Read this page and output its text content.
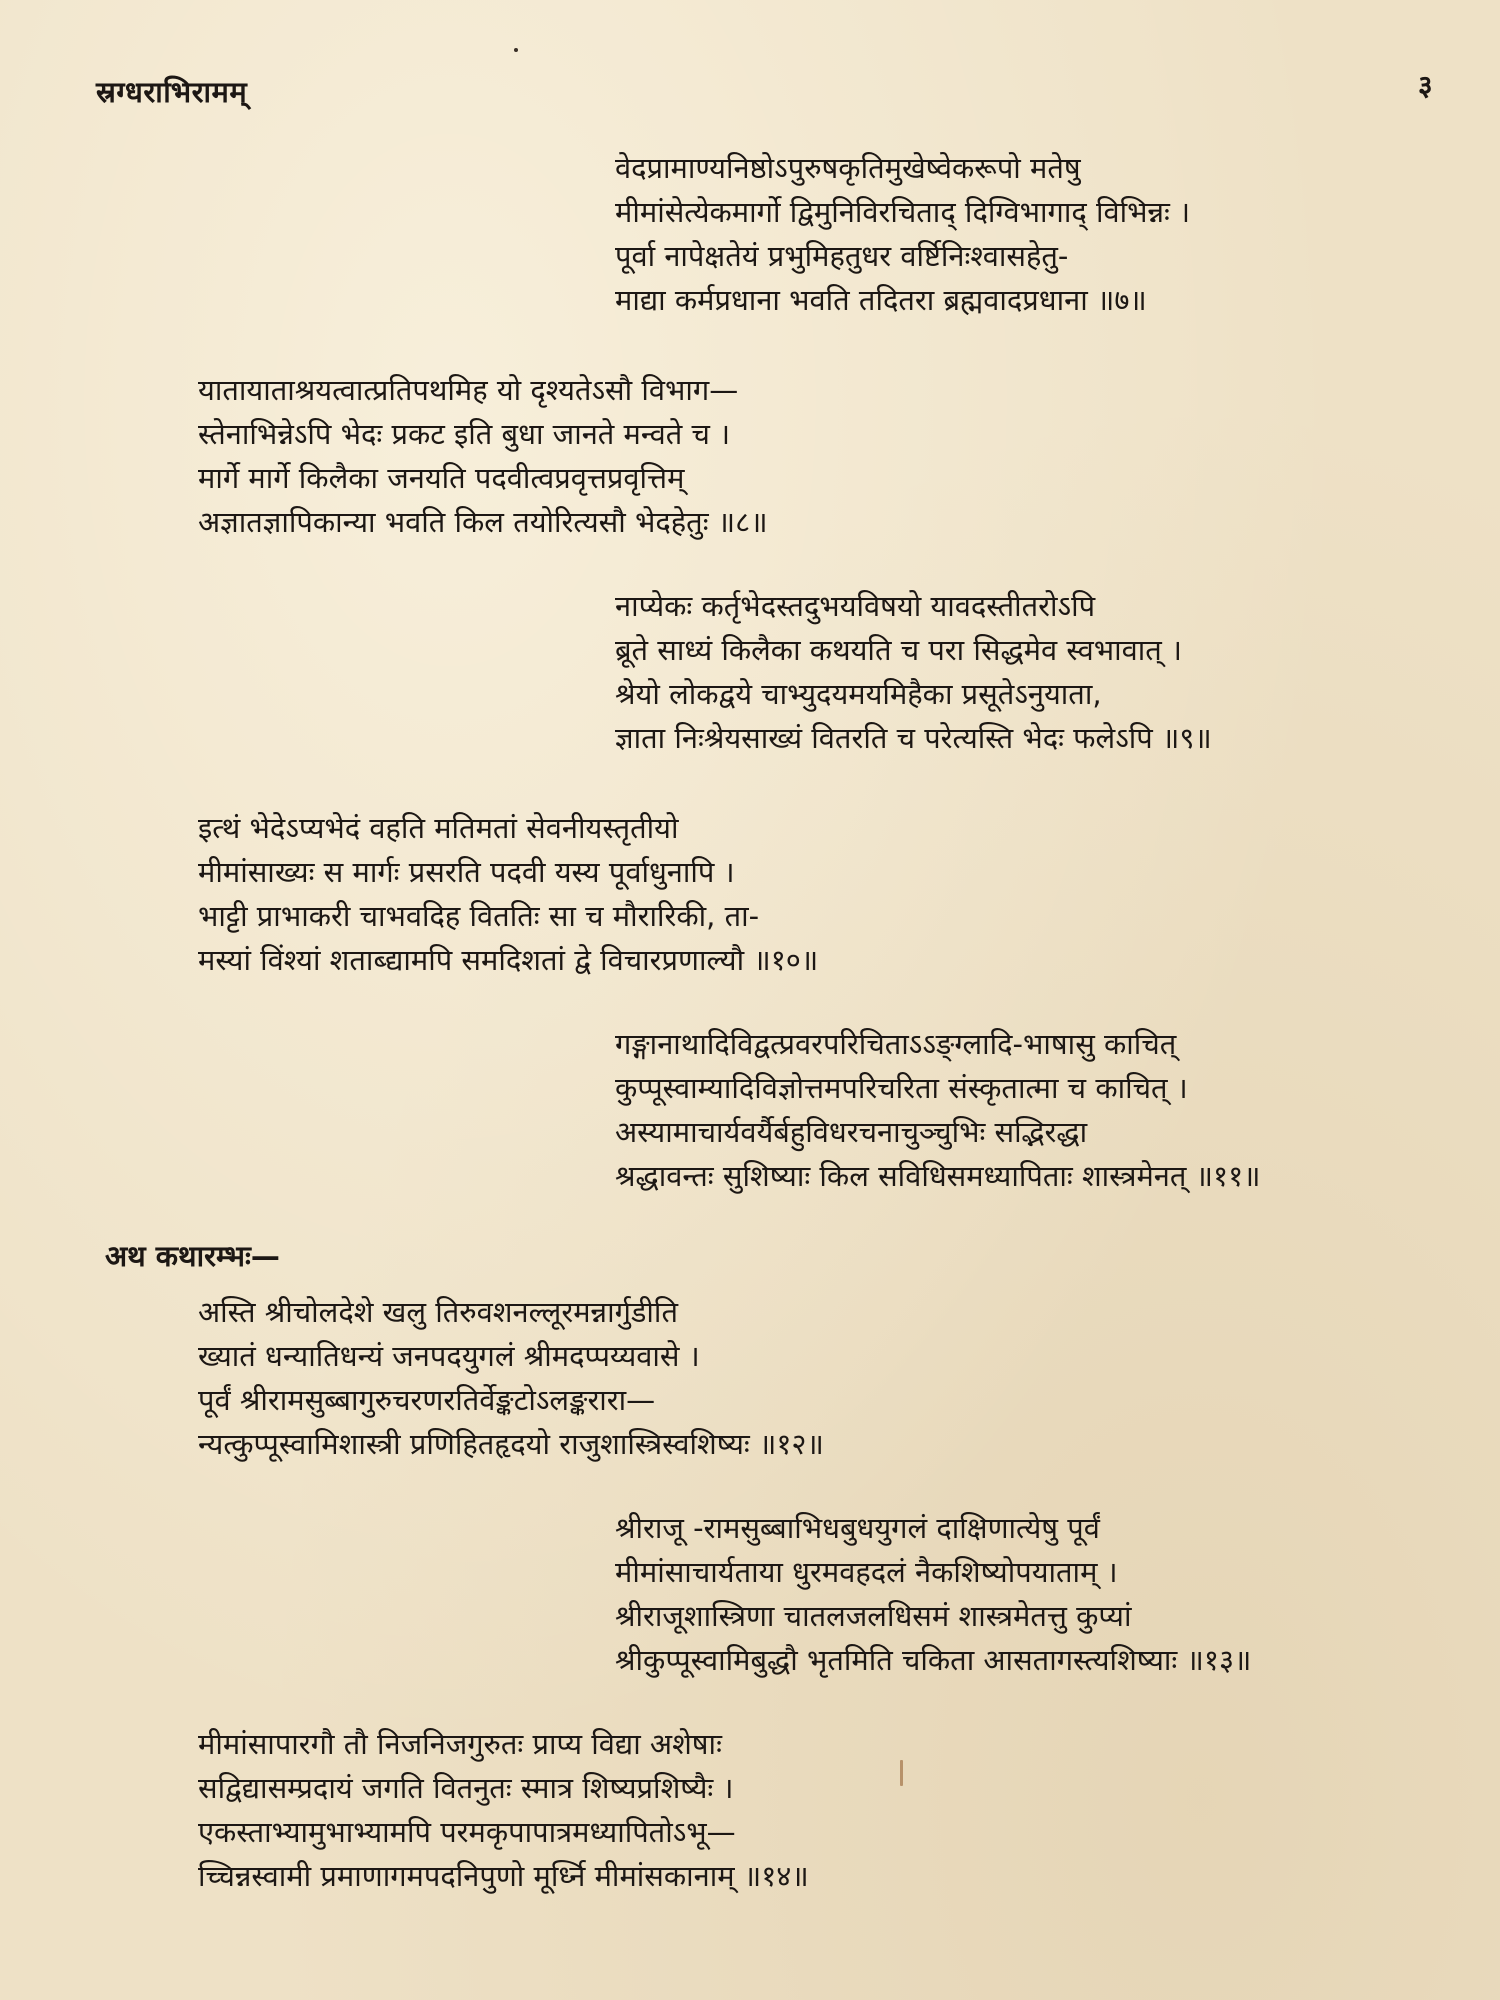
स्रग्धराभिरामम्	३
वेदप्रामाण्यनिष्ठोऽपुरुषकृतिमुखेष्वेकरूपो मतेषु
मीमांसेत्येकमार्गो द्विमुनिविरचिताद् दिग्विभागाद् विभिन्नः ।
पूर्वा नापेक्षतेयं प्रभुमिहतुधर वर्ष्टिनिःश्वासहेतु-
माद्या कर्मप्रधाना भवति तदितरा ब्रह्मवादप्रधाना ॥७॥
यातायाताश्रयत्वात्प्रतिपथमिह यो दृश्यतेऽसौ विभाग—
स्तेनाभिन्नेऽपि भेदः प्रकट इति बुधा जानते मन्वते च ।
मार्गे मार्गे किलैका जनयति पदवीत्वप्रवृत्तप्रवृत्तिम्
अज्ञातज्ञापिकान्या भवति किल तयोरित्यसौ भेदहेतुः ॥८॥
नाप्येकः कर्तृभेदस्तदुभयविषयो यावदस्तीतरोऽपि
ब्रूते साध्यं किलैका कथयति च परा सिद्धमेव स्वभावात् ।
श्रेयो लोकद्वये चाभ्युदयमयमिहैका प्रसूतेऽनुयाता,
ज्ञाता निःश्रेयसाख्यं वितरति च परेत्यस्ति भेदः फलेऽपि ॥९॥
इत्थं भेदेऽप्यभेदं वहति मतिमतां सेवनीयस्तृतीयो
मीमांसाख्यः स मार्गः प्रसरति पदवी यस्य पूर्वाधुनापि ।
भाट्टी प्राभाकरी चाभवदिह विततिः सा च मौरारिकी, ता-
मस्यां विंश्यां शताब्द्यामपि समदिशतां द्वे विचारप्रणाल्यौ ॥१०॥
गङ्गानाथादिविद्वत्प्रवरपरिचिताऽऽङ्ग्लादि-भाषासु काचित्
कुप्पूस्वाम्यादिविज्ञोत्तमपरिचरिता संस्कृतात्मा च काचित् ।
अस्यामाचार्यवर्यैर्बहुविधरचनाचुञ्चुभिः सद्भिरद्धा
श्रद्धावन्तः सुशिष्याः किल सविधिसमध्यापिताः शास्त्रमेनत् ॥११॥
अथ कथारम्भः—
अस्ति श्रीचोलदेशे खलु तिरुवशनल्लूरमन्नार्गुडीति
ख्यातं धन्यातिधन्यं जनपदयुगलं श्रीमदप्पय्यवासे ।
पूर्वं श्रीरामसुब्बागुरुचरणरतिर्वेङ्कटोऽलङ्करारा—
न्यत्कुप्पूस्वामिशास्त्री प्रणिहितहृदयो राजुशास्त्रिस्वशिष्यः ॥१२॥
श्रीराजू -रामसुब्बाभिधबुधयुगलं दाक्षिणात्येषु पूर्वं
मीमांसाचार्यताया धुरमवहदलं नैकशिष्योपयाताम् ।
श्रीराजूशास्त्रिणा चातलजलधिसमं शास्त्रमेतत्तु कुप्यां
श्रीकुप्पूस्वामिबुद्धौ भृतमिति चकिता आसतागस्त्यशिष्याः ॥१३॥
मीमांसापारगौ तौ निजनिजगुरुतः प्राप्य विद्या अशेषाः
सद्विद्यासम्प्रदायं जगति वितनुतः स्मात्र शिष्यप्रशिष्यैः ।
एकस्ताभ्यामुभाभ्यामपि परमकृपापात्रमध्यापितोऽभू—
च्चिन्नस्वामी प्रमाणागमपदनिपुणो मूर्ध्नि मीमांसकानाम् ॥१४॥
